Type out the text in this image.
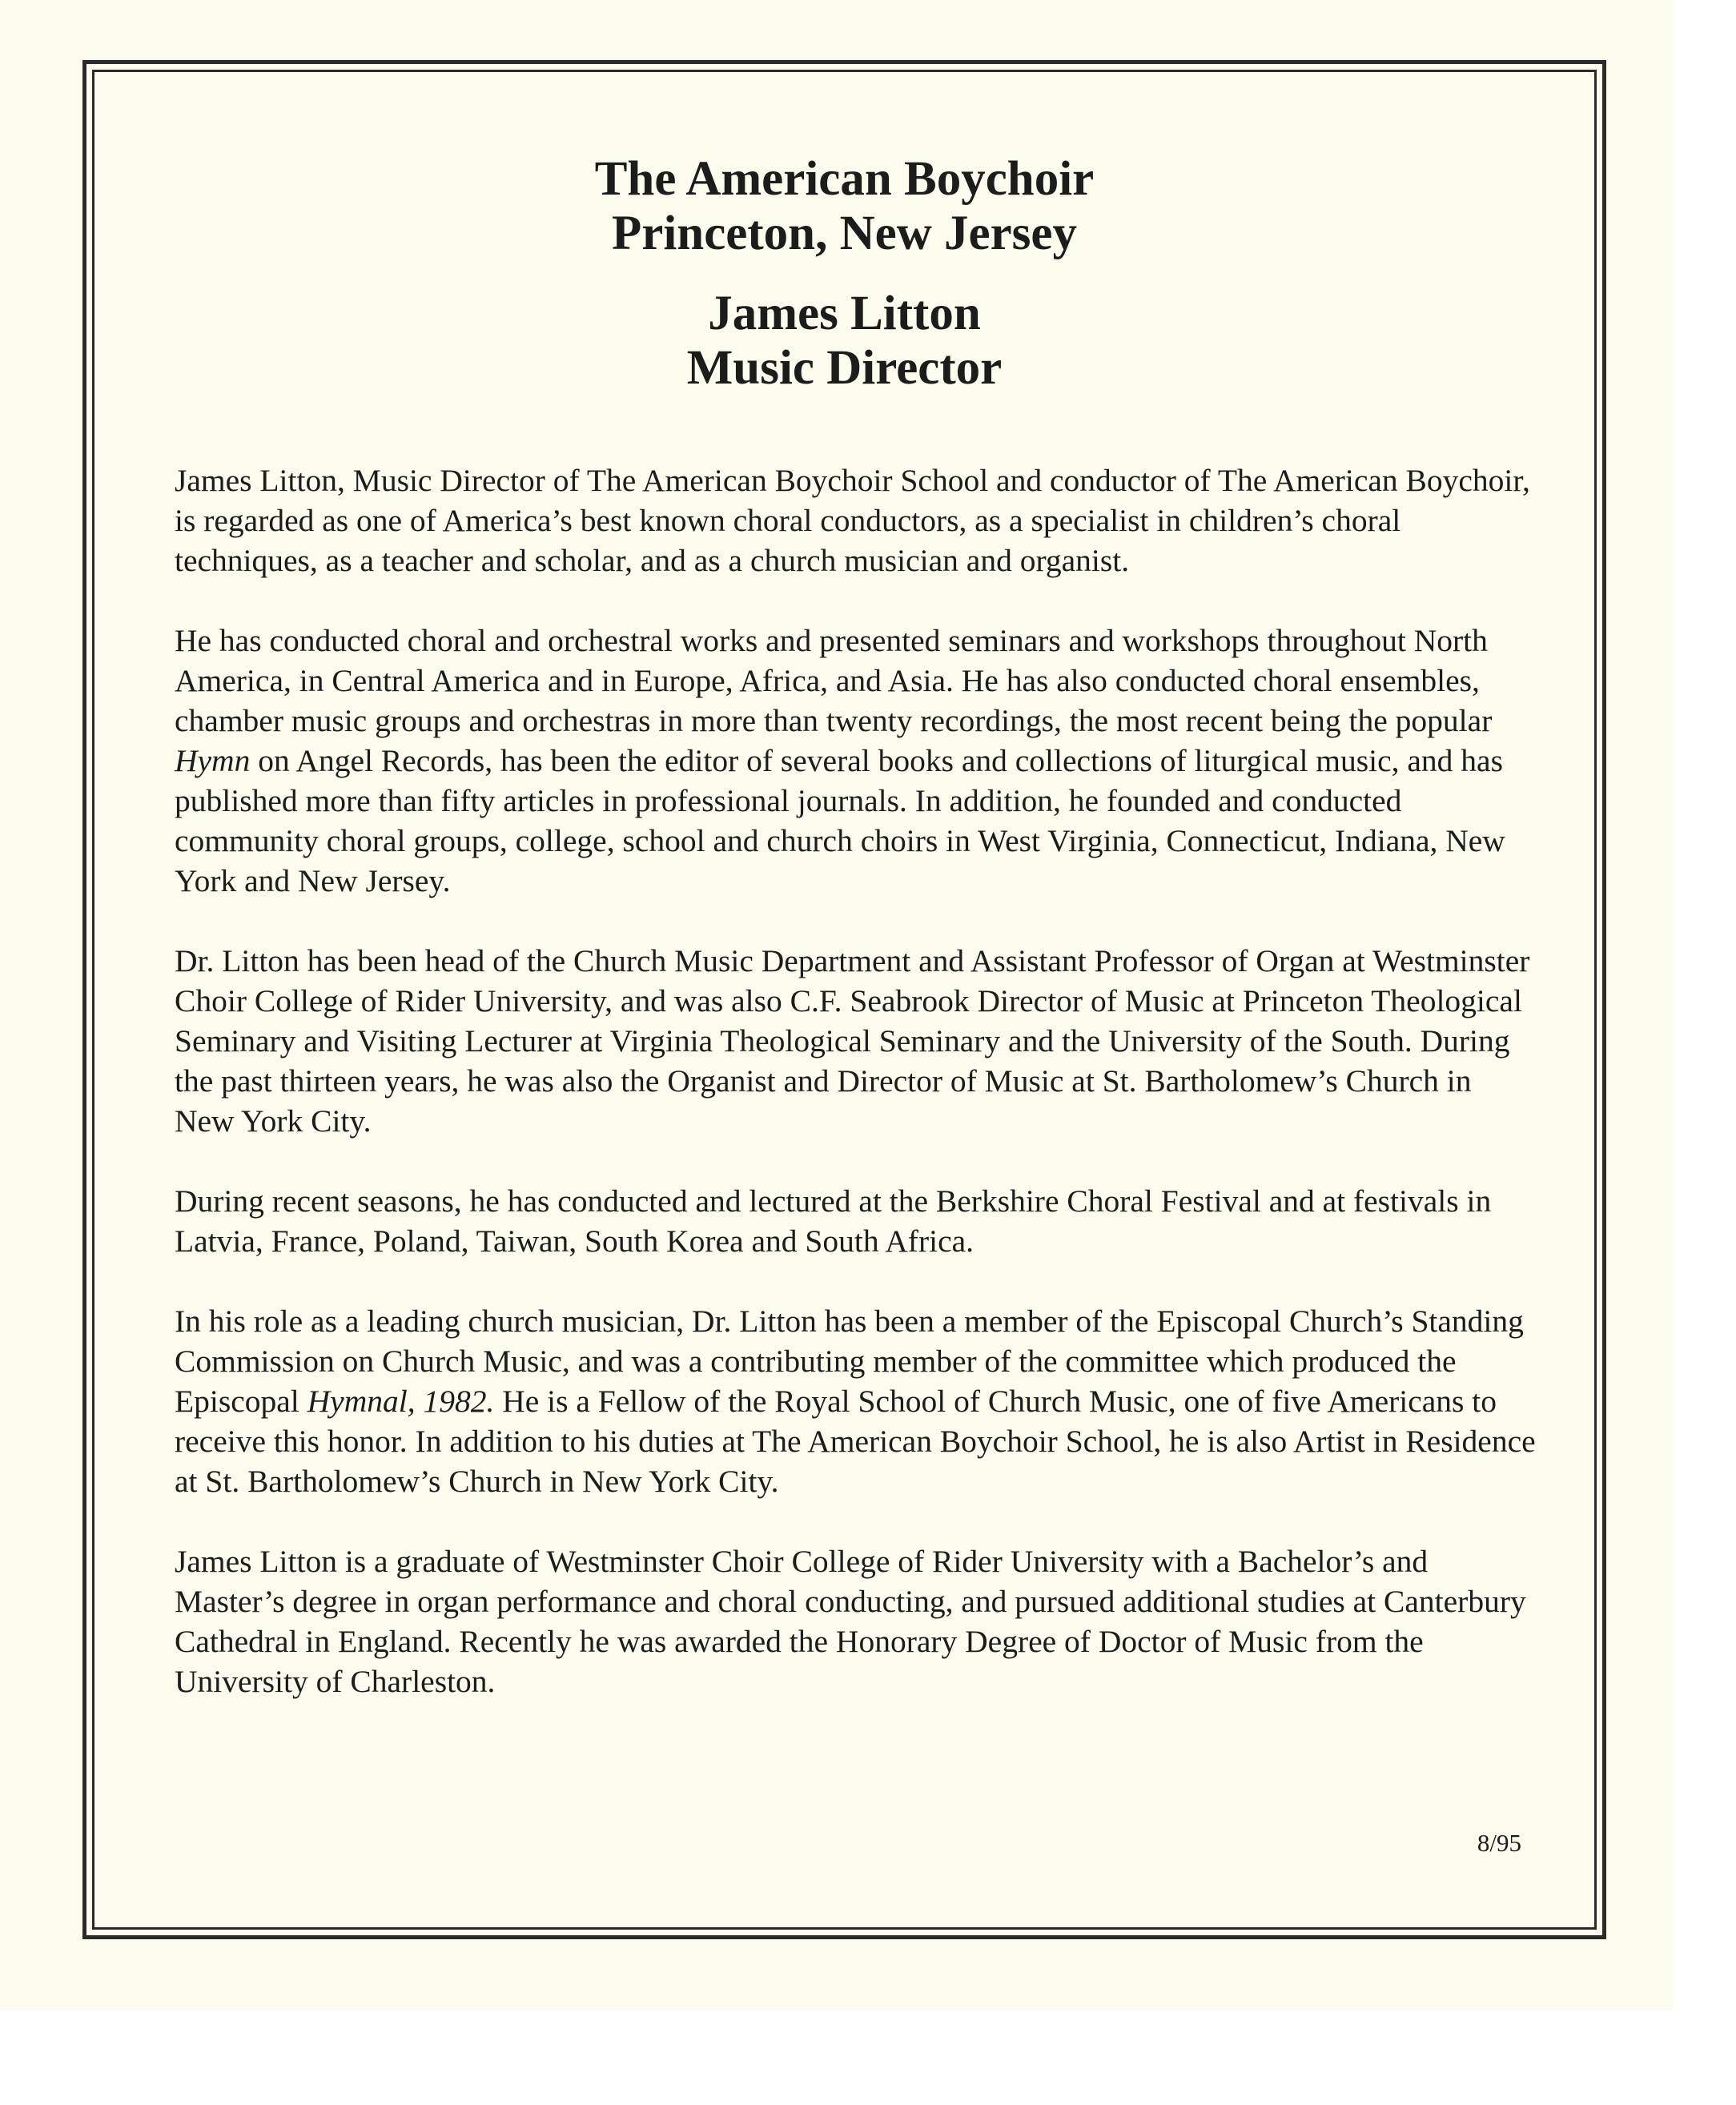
The American Boychoir
Princeton, New Jersey
James Litton
Music Director

James Litton, Music Director of The American Boychoir School and conductor of The American Boychoir, is regarded as one of America’s best known choral conductors, as a specialist in children’s choral techniques, as a teacher and scholar, and as a church musician and organist.

He has conducted choral and orchestral works and presented seminars and workshops throughout North America, in Central America and in Europe, Africa, and Asia. He has also conducted choral ensembles, chamber music groups and orchestras in more than twenty recordings, the most recent being the popular Hymn on Angel Records, has been the editor of several books and collections of liturgical music, and has published more than fifty articles in professional journals. In addition, he founded and conducted community choral groups, college, school and church choirs in West Virginia, Connecticut, Indiana, New York and New Jersey.

Dr. Litton has been head of the Church Music Department and Assistant Professor of Organ at Westminster Choir College of Rider University, and was also C.F. Seabrook Director of Music at Princeton Theological Seminary and Visiting Lecturer at Virginia Theological Seminary and the University of the South. During the past thirteen years, he was also the Organist and Director of Music at St. Bartholomew’s Church in New York City.

During recent seasons, he has conducted and lectured at the Berkshire Choral Festival and at festivals in Latvia, France, Poland, Taiwan, South Korea and South Africa.

In his role as a leading church musician, Dr. Litton has been a member of the Episcopal Church’s Standing Commission on Church Music, and was a contributing member of the committee which produced the Episcopal Hymnal, 1982. He is a Fellow of the Royal School of Church Music, one of five Americans to receive this honor. In addition to his duties at The American Boychoir School, he is also Artist in Residence at St. Bartholomew’s Church in New York City.

James Litton is a graduate of Westminster Choir College of Rider University with a Bachelor’s and Master’s degree in organ performance and choral conducting, and pursued additional studies at Canterbury Cathedral in England. Recently he was awarded the Honorary Degree of Doctor of Music from the University of Charleston.

8/95
